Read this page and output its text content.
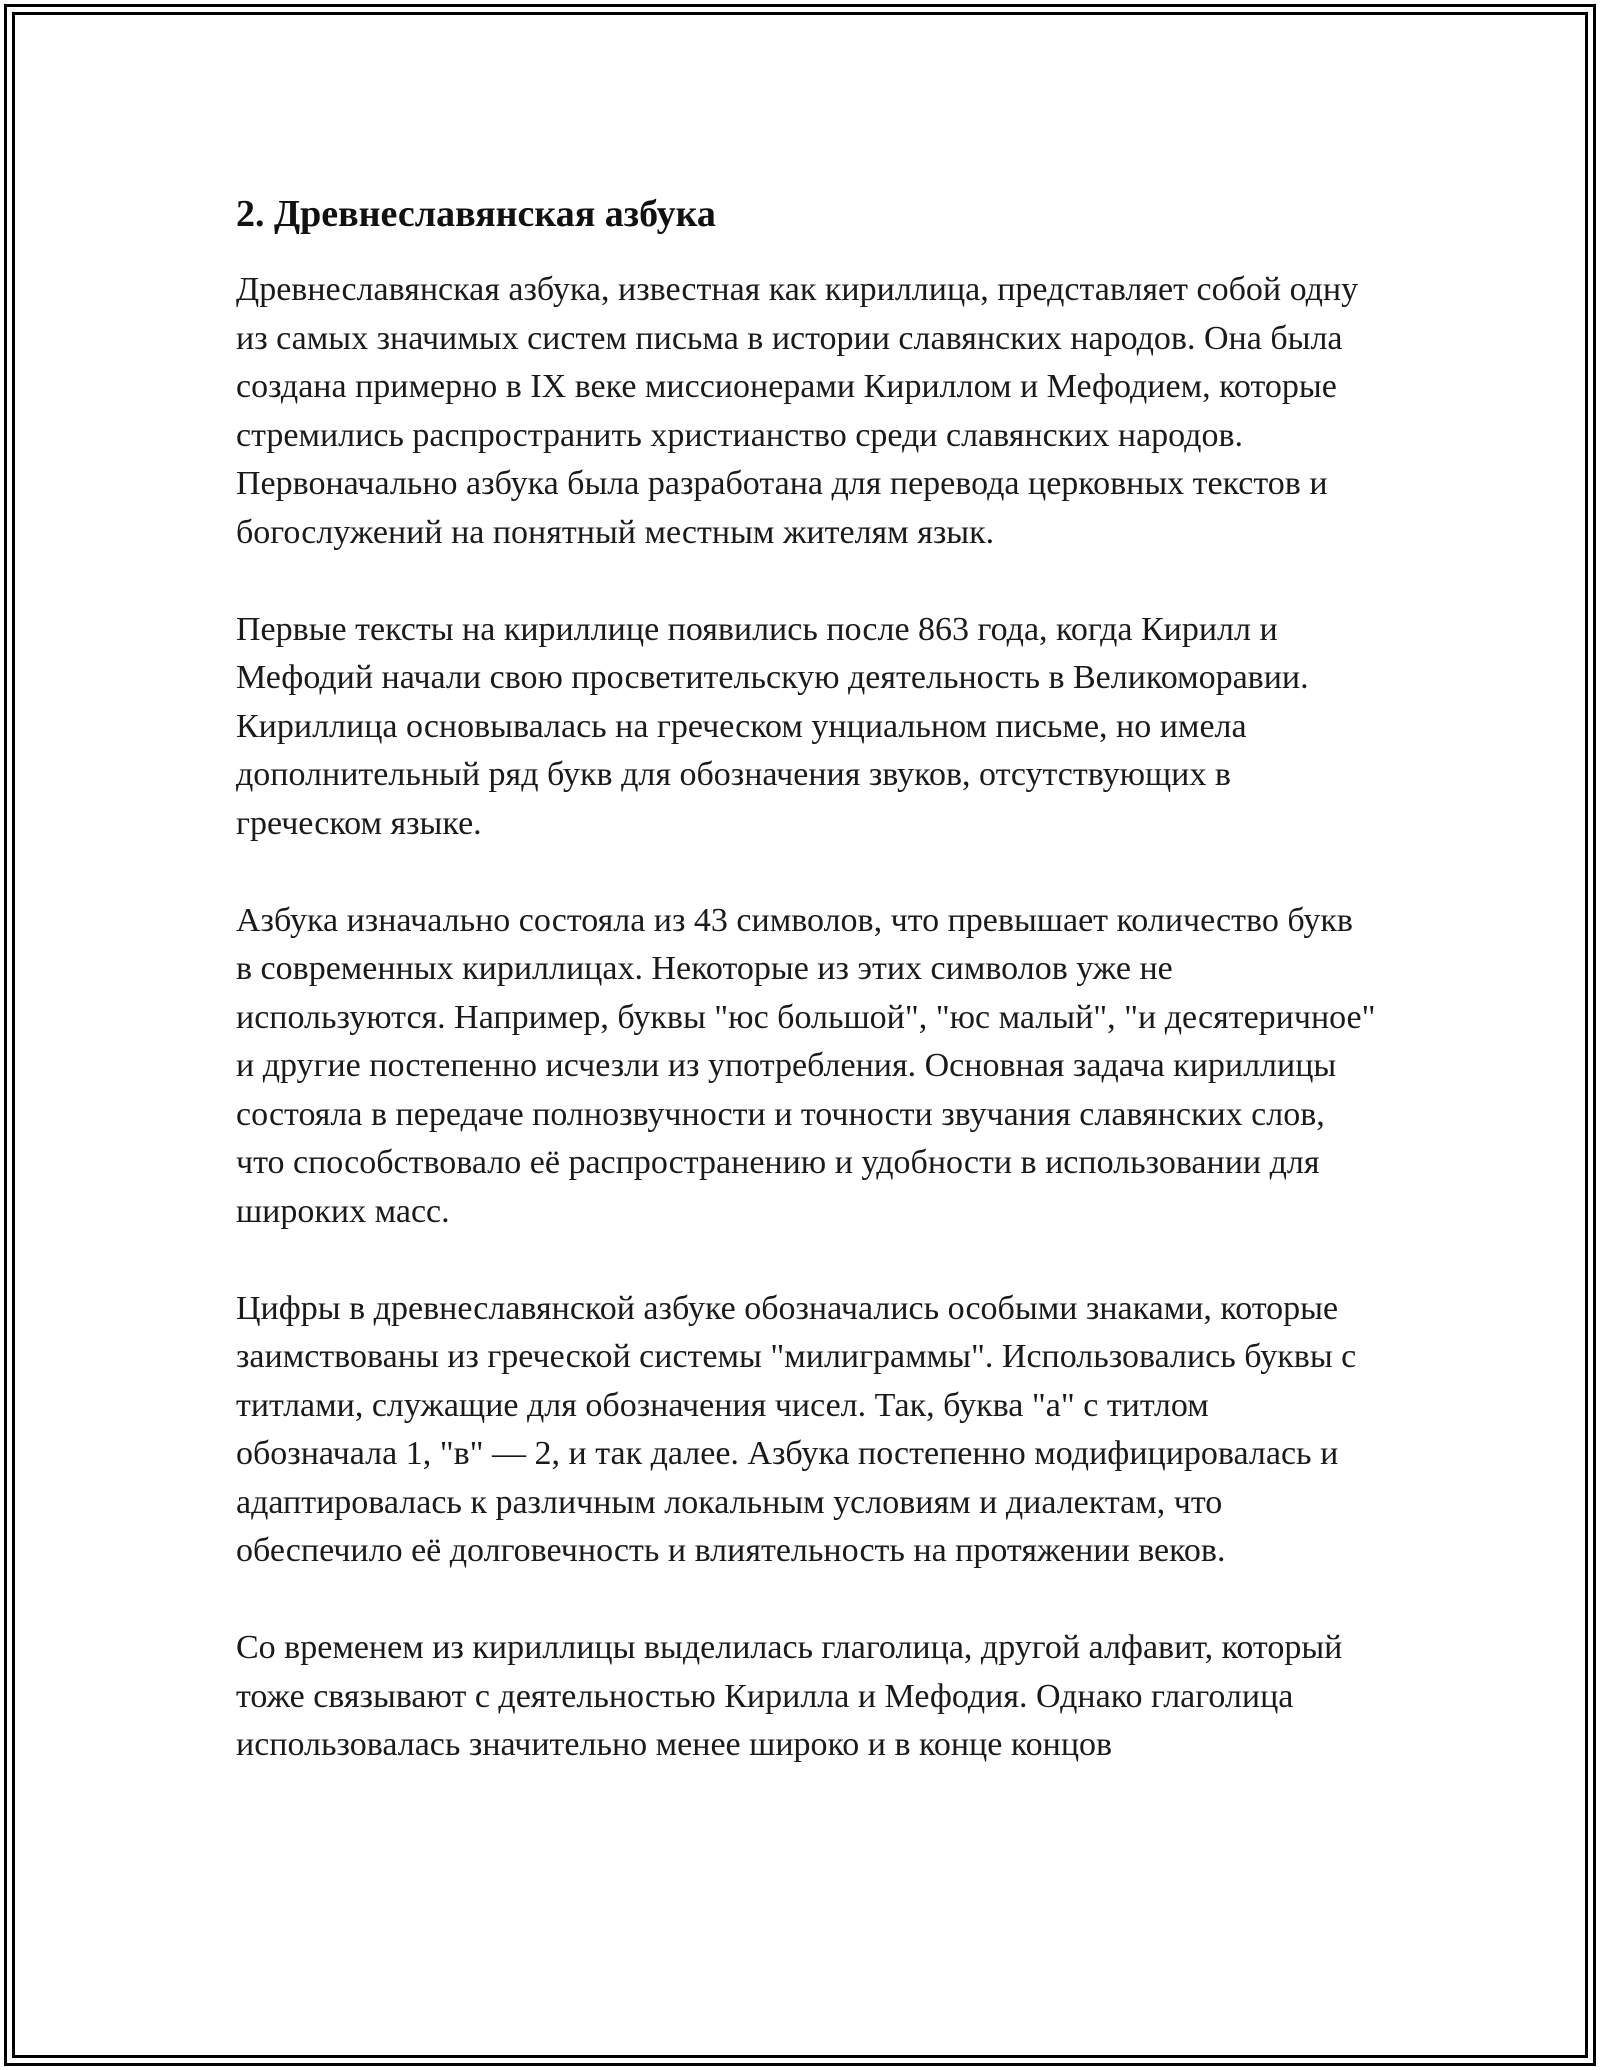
2. Древнеславянская азбука

Древнеславянская азбука, известная как кириллица, представляет собой одну из самых значимых систем письма в истории славянских народов. Она была создана примерно в IX веке миссионерами Кириллом и Мефодием, которые стремились распространить христианство среди славянских народов. Первоначально азбука была разработана для перевода церковных текстов и богослужений на понятный местным жителям язык.

Первые тексты на кириллице появились после 863 года, когда Кирилл и Мефодий начали свою просветительскую деятельность в Великоморавии. Кириллица основывалась на греческом унциальном письме, но имела дополнительный ряд букв для обозначения звуков, отсутствующих в греческом языке.

Азбука изначально состояла из 43 символов, что превышает количество букв в современных кириллицах. Некоторые из этих символов уже не используются. Например, буквы "юс большой", "юс малый", "и десятеричное" и другие постепенно исчезли из употребления. Основная задача кириллицы состояла в передаче полнозвучности и точности звучания славянских слов, что способствовало её распространению и удобности в использовании для широких масс.

Цифры в древнеславянской азбуке обозначались особыми знаками, которые заимствованы из греческой системы "милиграммы". Использовались буквы с титлами, служащие для обозначения чисел. Так, буква "а" с титлом обозначала 1, "в" — 2, и так далее. Азбука постепенно модифицировалась и адаптировалась к различным локальным условиям и диалектам, что обеспечило её долговечность и влиятельность на протяжении веков.

Со временем из кириллицы выделилась глаголица, другой алфавит, который тоже связывают с деятельностью Кирилла и Мефодия. Однако глаголица использовалась значительно менее широко и в конце концов
